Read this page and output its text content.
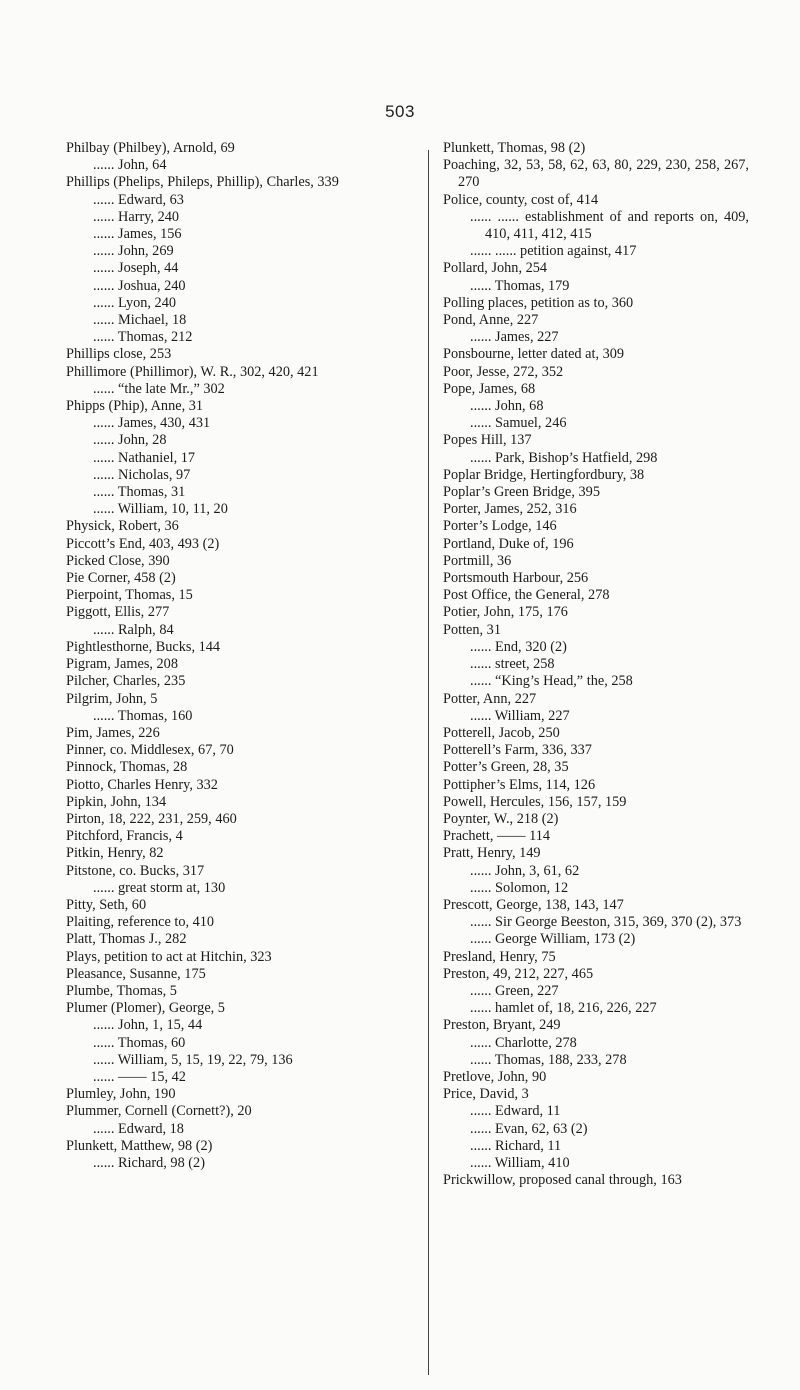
503
Philbay (Philbey), Arnold, 69
...... John, 64
Phillips (Phelips, Phileps, Phillip), Charles, 339
...... Edward, 63
...... Harry, 240
...... James, 156
...... John, 269
...... Joseph, 44
...... Joshua, 240
...... Lyon, 240
...... Michael, 18
...... Thomas, 212
Phillips close, 253
Phillimore (Phillimor), W. R., 302, 420, 421
...... “the late Mr.,” 302
Phipps (Phip), Anne, 31
...... James, 430, 431
...... John, 28
...... Nathaniel, 17
...... Nicholas, 97
...... Thomas, 31
...... William, 10, 11, 20
Physick, Robert, 36
Piccott’s End, 403, 493 (2)
Picked Close, 390
Pie Corner, 458 (2)
Pierpoint, Thomas, 15
Piggott, Ellis, 277
...... Ralph, 84
Pightlesthorne, Bucks, 144
Pigram, James, 208
Pilcher, Charles, 235
Pilgrim, John, 5
...... Thomas, 160
Pim, James, 226
Pinner, co. Middlesex, 67, 70
Pinnock, Thomas, 28
Piotto, Charles Henry, 332
Pipkin, John, 134
Pirton, 18, 222, 231, 259, 460
Pitchford, Francis, 4
Pitkin, Henry, 82
Pitstone, co. Bucks, 317
...... great storm at, 130
Pitty, Seth, 60
Plaiting, reference to, 410
Platt, Thomas J., 282
Plays, petition to act at Hitchin, 323
Pleasance, Susanne, 175
Plumbe, Thomas, 5
Plumer (Plomer), George, 5
...... John, 1, 15, 44
...... Thomas, 60
...... William, 5, 15, 19, 22, 79, 136
...... —— 15, 42
Plumley, John, 190
Plummer, Cornell (Cornett?), 20
...... Edward, 18
Plunkett, Matthew, 98 (2)
...... Richard, 98 (2)
Plunkett, Thomas, 98 (2)
Poaching, 32, 53, 58, 62, 63, 80, 229, 230, 258, 267, 270
Police, county, cost of, 414
...... ...... establishment of and reports on, 409, 410, 411, 412, 415
...... ...... petition against, 417
Pollard, John, 254
...... Thomas, 179
Polling places, petition as to, 360
Pond, Anne, 227
...... James, 227
Ponsbourne, letter dated at, 309
Poor, Jesse, 272, 352
Pope, James, 68
...... John, 68
...... Samuel, 246
Popes Hill, 137
...... Park, Bishop’s Hatfield, 298
Poplar Bridge, Hertingfordbury, 38
Poplar’s Green Bridge, 395
Porter, James, 252, 316
Porter’s Lodge, 146
Portland, Duke of, 196
Portmill, 36
Portsmouth Harbour, 256
Post Office, the General, 278
Potier, John, 175, 176
Potten, 31
...... End, 320 (2)
...... street, 258
...... “King’s Head,” the, 258
Potter, Ann, 227
...... William, 227
Potterell, Jacob, 250
Potterell’s Farm, 336, 337
Potter’s Green, 28, 35
Pottipher’s Elms, 114, 126
Powell, Hercules, 156, 157, 159
Poynter, W., 218 (2)
Prachett, —— 114
Pratt, Henry, 149
...... John, 3, 61, 62
...... Solomon, 12
Prescott, George, 138, 143, 147
...... Sir George Beeston, 315, 369, 370 (2), 373
...... George William, 173 (2)
Presland, Henry, 75
Preston, 49, 212, 227, 465
...... Green, 227
...... hamlet of, 18, 216, 226, 227
Preston, Bryant, 249
...... Charlotte, 278
...... Thomas, 188, 233, 278
Pretlove, John, 90
Price, David, 3
...... Edward, 11
...... Evan, 62, 63 (2)
...... Richard, 11
...... William, 410
Prickwillow, proposed canal through, 163
